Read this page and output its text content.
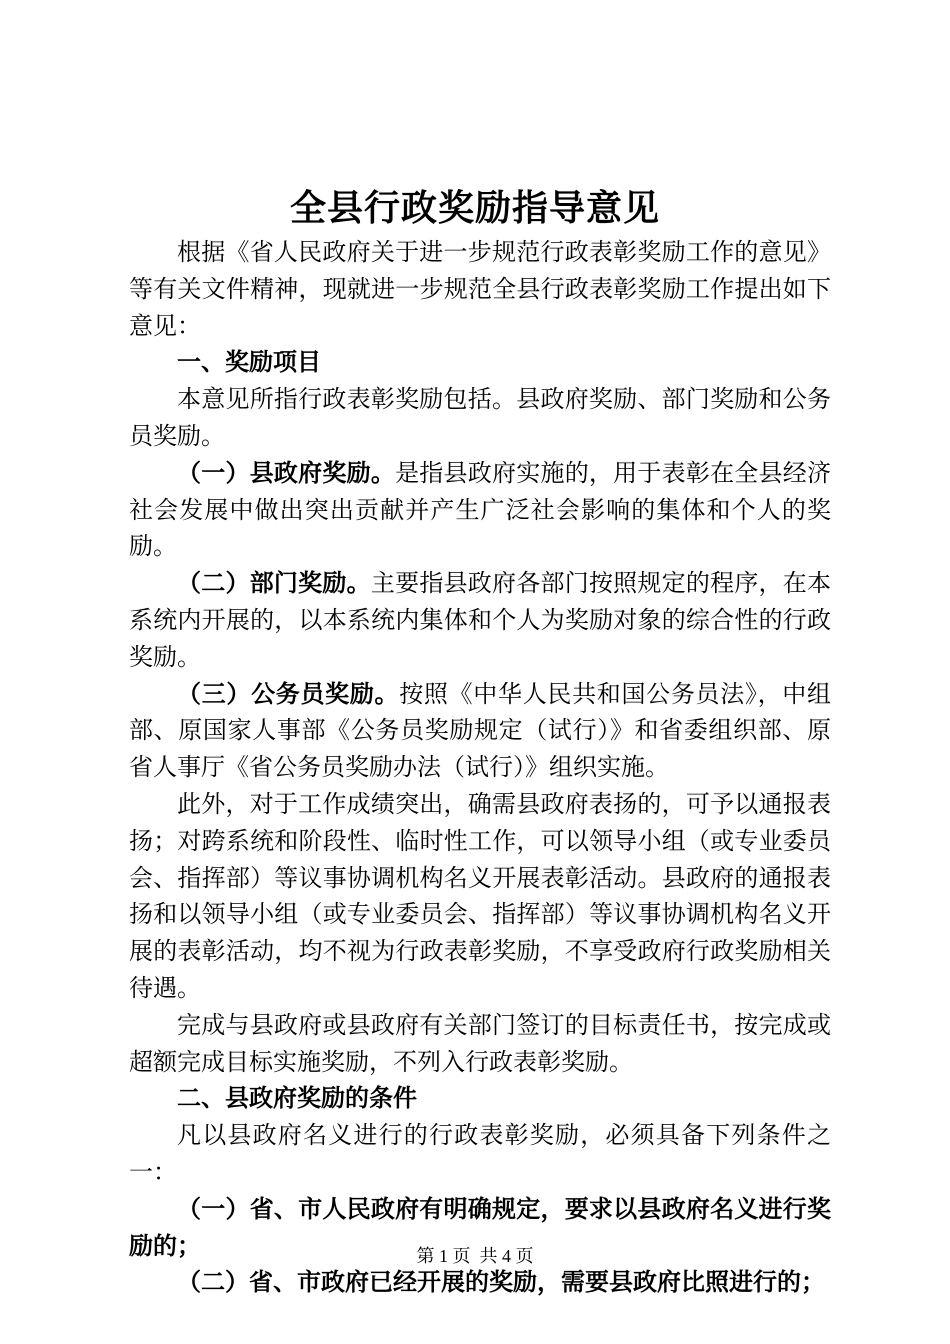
全县行政奖励指导意见

根据《省人民政府关于进一步规范行政表彰奖励工作的意见》等有关文件精神，现就进一步规范全县行政表彰奖励工作提出如下意见：

一、奖励项目

本意见所指行政表彰奖励包括。县政府奖励、部门奖励和公务员奖励。

（一）县政府奖励。是指县政府实施的，用于表彰在全县经济社会发展中做出突出贡献并产生广泛社会影响的集体和个人的奖励。

（二）部门奖励。主要指县政府各部门按照规定的程序，在本系统内开展的，以本系统内集体和个人为奖励对象的综合性的行政奖励。

（三）公务员奖励。按照《中华人民共和国公务员法》，中组部、原国家人事部《公务员奖励规定（试行）》和省委组织部、原省人事厅《省公务员奖励办法（试行）》组织实施。

此外，对于工作成绩突出，确需县政府表扬的，可予以通报表扬；对跨系统和阶段性、临时性工作，可以领导小组（或专业委员会、指挥部）等议事协调机构名义开展表彰活动。县政府的通报表扬和以领导小组（或专业委员会、指挥部）等议事协调机构名义开展的表彰活动，均不视为行政表彰奖励，不享受政府行政奖励相关待遇。

完成与县政府或县政府有关部门签订的目标责任书，按完成或超额完成目标实施奖励，不列入行政表彰奖励。

二、县政府奖励的条件

凡以县政府名义进行的行政表彰奖励，必须具备下列条件之一：

（一）省、市人民政府有明确规定，要求以县政府名义进行奖励的；

（二）省、市政府已经开展的奖励，需要县政府比照进行的；

第 1 页 共 4 页
